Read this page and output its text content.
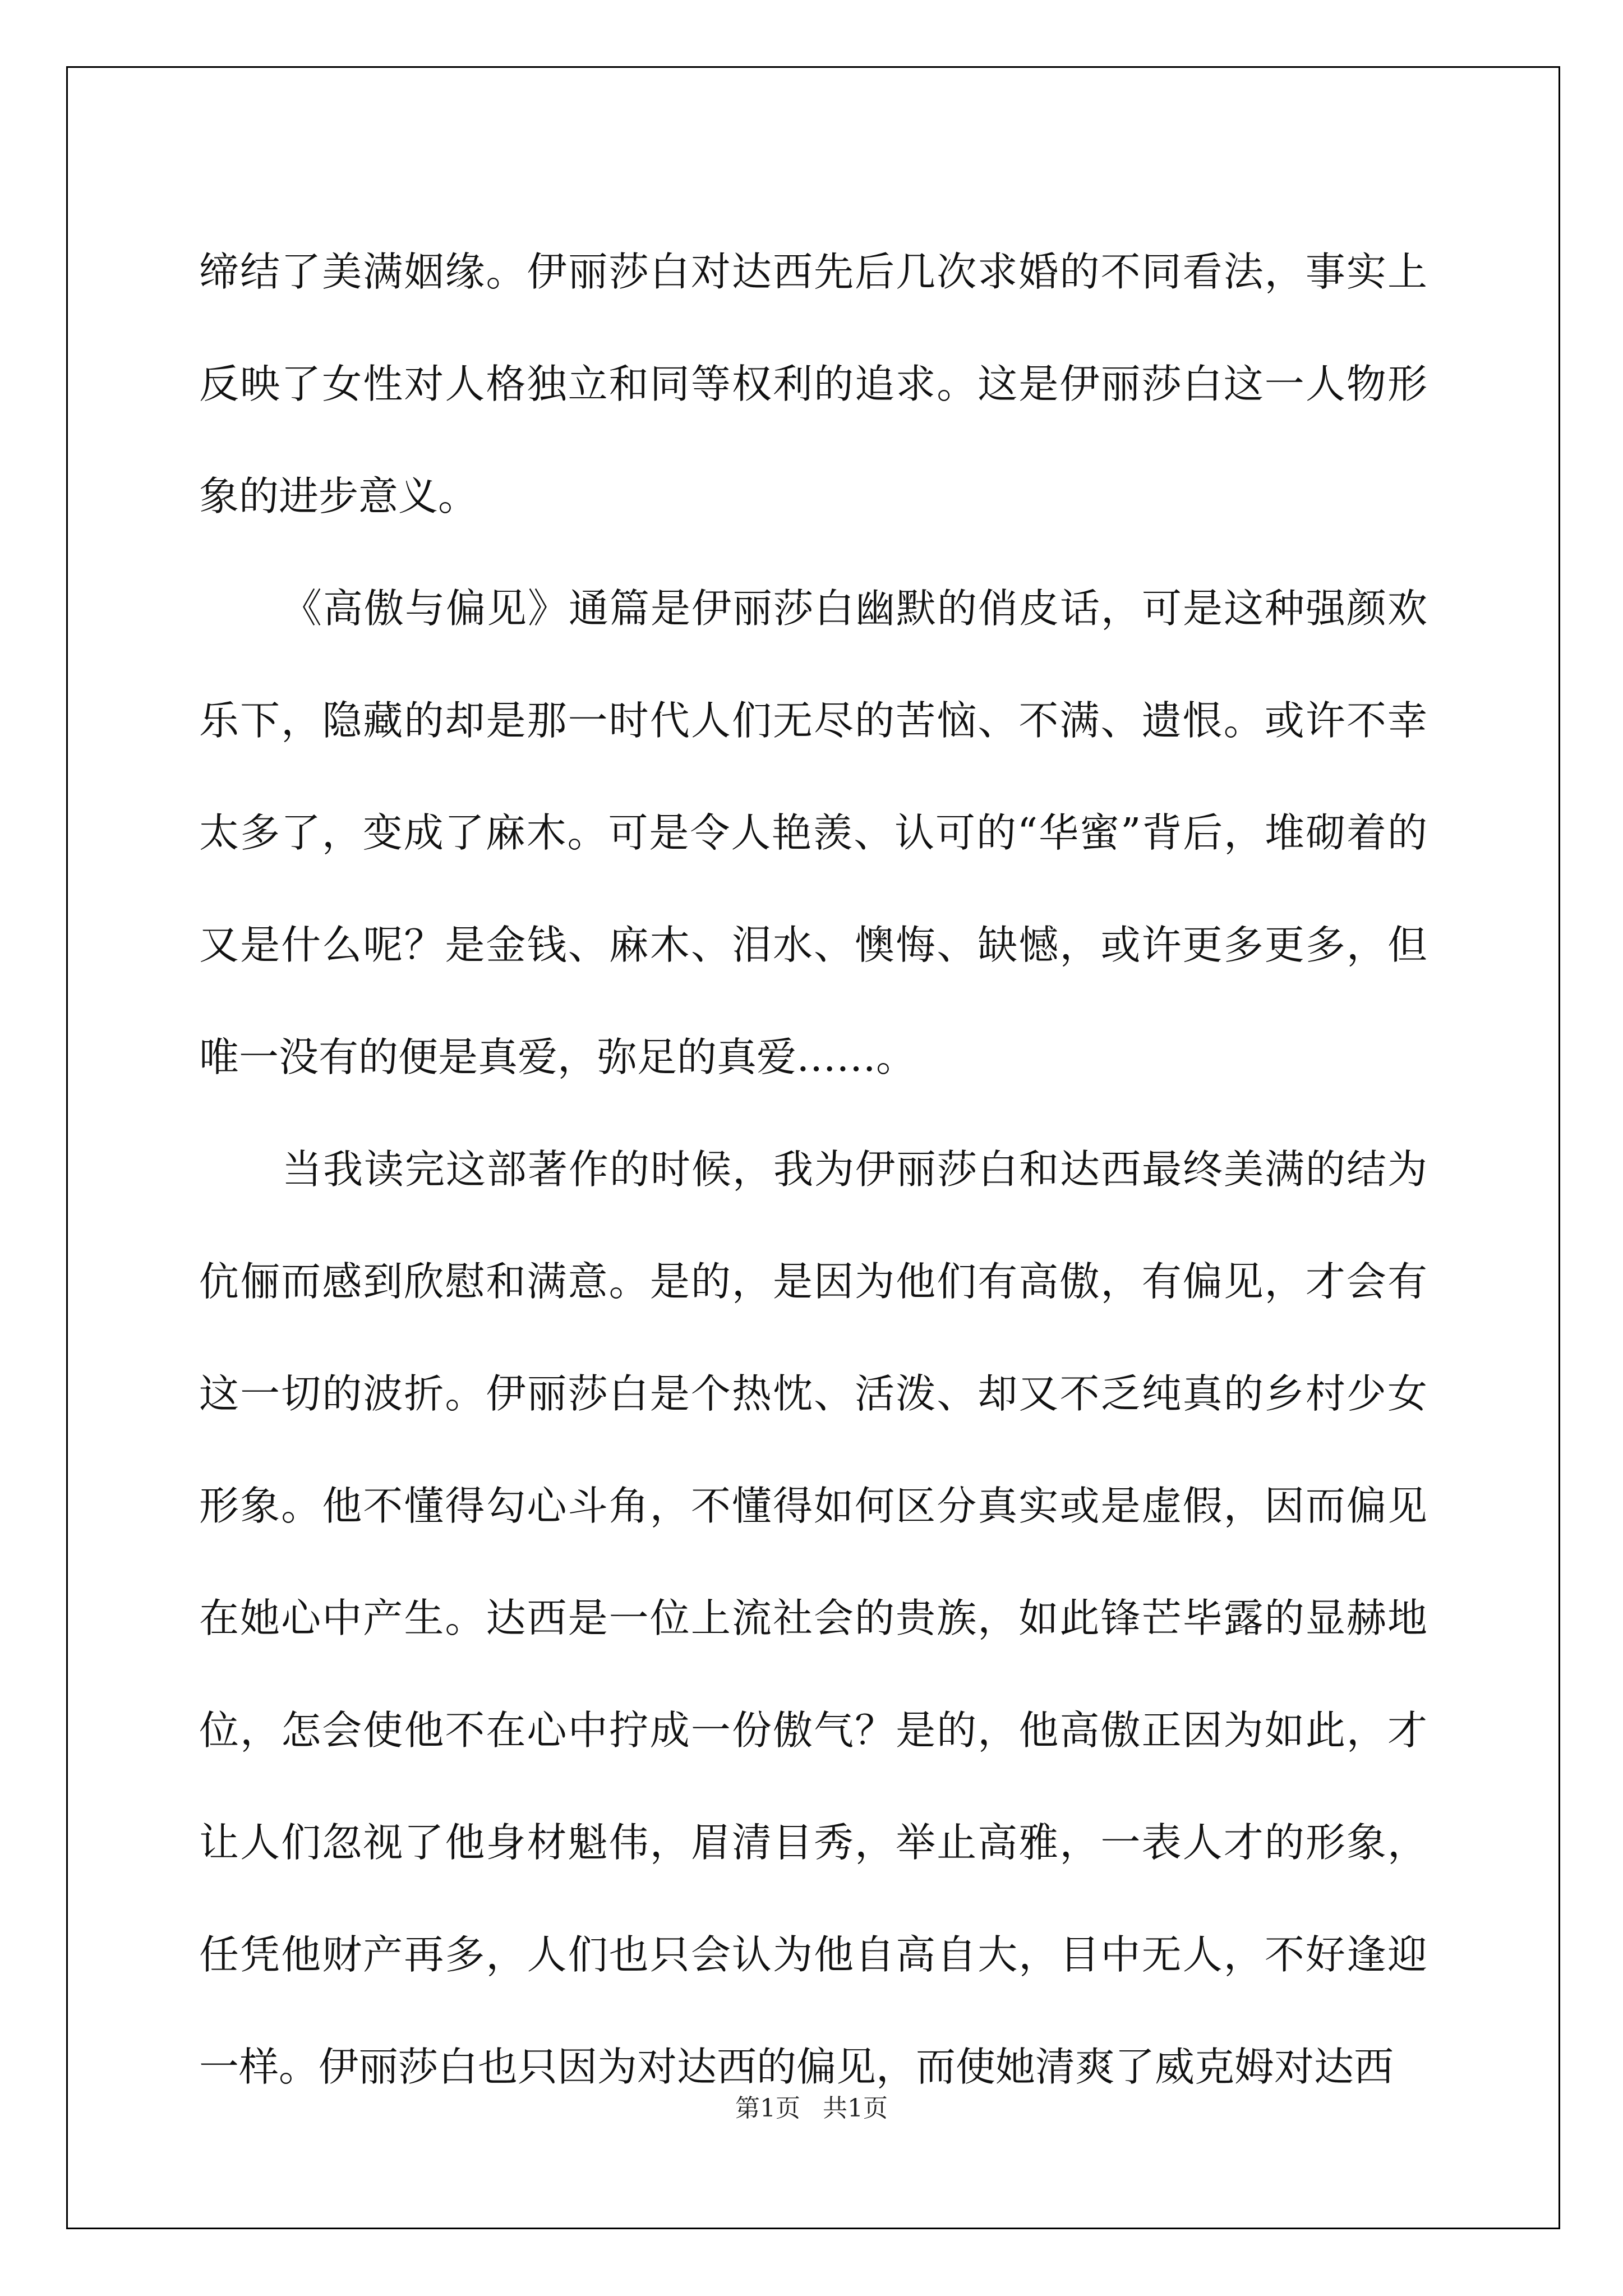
缔结了美满姻缘。伊丽莎白对达西先后几次求婚的不同看法，事实上反映了女性对人格独立和同等权利的追求。这是伊丽莎白这一人物形象的进步意义。

《高傲与偏见》通篇是伊丽莎白幽默的俏皮话，可是这种强颜欢乐下，隐藏的却是那一时代人们无尽的苦恼、不满、遗恨。或许不幸太多了，变成了麻木。可是令人艳羡、认可的“华蜜”背后，堆砌着的又是什么呢？是金钱、麻木、泪水、懊悔、缺憾，或许更多更多，但唯一没有的便是真爱，弥足的真爱……。

当我读完这部著作的时候，我为伊丽莎白和达西最终美满的结为伉俪而感到欣慰和满意。是的，是因为他们有高傲，有偏见，才会有这一切的波折。伊丽莎白是个热忱、活泼、却又不乏纯真的乡村少女形象。他不懂得勾心斗角，不懂得如何区分真实或是虚假，因而偏见在她心中产生。达西是一位上流社会的贵族，如此锋芒毕露的显赫地位，怎会使他不在心中拧成一份傲气？是的，他高傲正因为如此，才让人们忽视了他身材魁伟，眉清目秀，举止高雅，一表人才的形象，任凭他财产再多，人们也只会认为他自高自大，目中无人，不好逢迎一样。伊丽莎白也只因为对达西的偏见，而使她清爽了威克姆对达西

第1页 共1页
